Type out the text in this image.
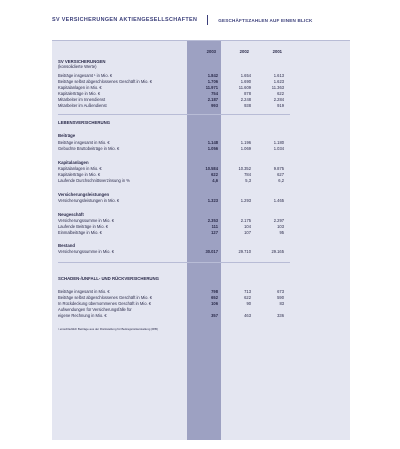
SV VERSICHERUNGEN AKTIENGESELLSCHAFTEN	GESCHÄFTSZAHLEN AUF EINEN BLICK
2003	2002	2001
SV VERSICHERUNGEN
(konsolidierte Werte)
Beiträge insgesamt ¹ in Mio. €	1.842	1.654	1.613
Beiträge selbst abgeschlossenes Geschäft in Mio. €	1.706	1.690	1.623
Kapitalanlagen in Mio. €	11.971	11.609	11.363
Kapitalerträge in Mio. €	754	878	622
Mitarbeiter im Innendienst	2.187	2.248	2.284
Mitarbeiter im Außendienst	993	938	919
LEBENSVERSICHERUNG
Beiträge
Beiträge insgesamt in Mio. €	1.148	1.196	1.180
Gebuchte Bruttobeiträge in Mio. €	1.056	1.069	1.034
Kapitalanlagen
Kapitalanlagen in Mio. €	10.584	10.352	9.875
Kapitalerträge in Mio. €	622	784	627
Laufende Durchschnittsverzinsung in %	4,6	5,3	6,2
Versicherungsleistungen
Versicherungsleistungen in Mio. €	1.323	1.293	1.465
Neugeschäft
Versicherungssumme in Mio. €	2.353	2.175	2.297
Laufende Beiträge in Mio. €	111	104	103
Einmalbeiträge in Mio. €	127	107	95
Bestand
Versicherungssumme in Mio. €	30.017	29.710	29.165
SCHADEN-/UNFALL- UND RÜCKVERSICHERUNG
Beiträge insgesamt in Mio. €	798	713	673
Beiträge selbst abgeschlossenes Geschäft in Mio. €	652	622	590
In Rückdeckung übernommenes Geschäft in Mio. €	106	90	83
Aufwendungen für Versicherungsfälle für
eigene Rechnung in Mio. €	357	463	336
¹ einschließlich Beiträge aus der Rückstellung für Beitragsrückerstattung (RfB)
